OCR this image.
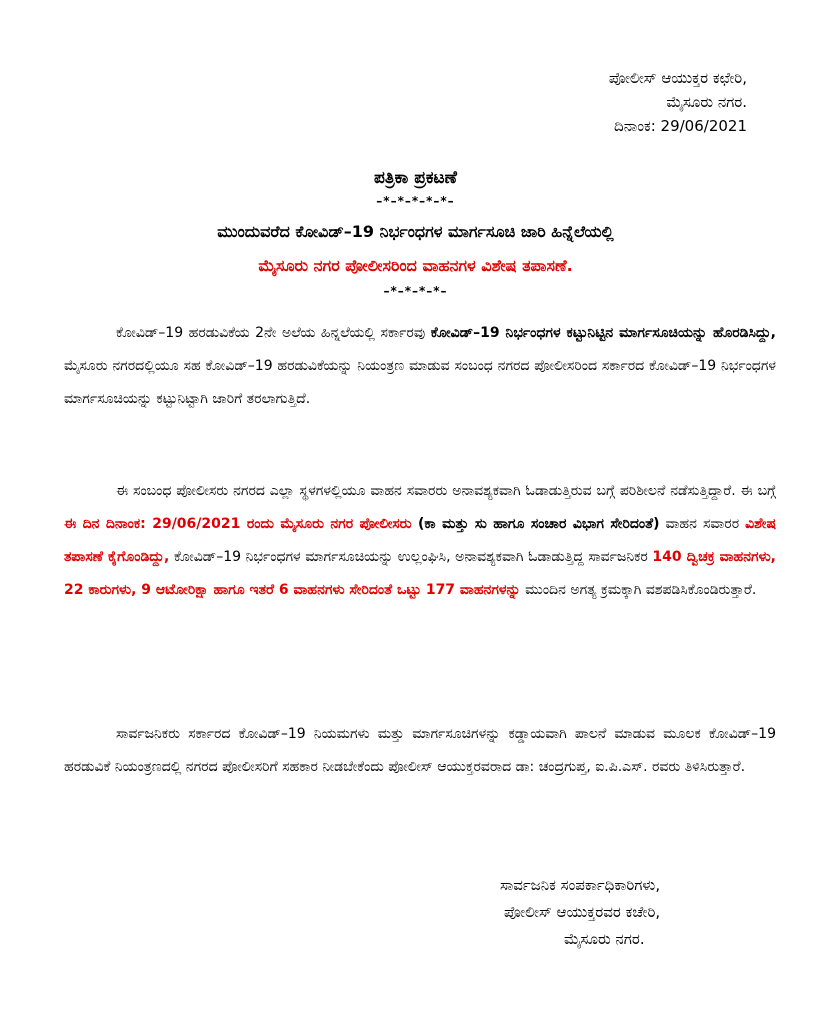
ಪೋಲೀಸ್ ಆಯುಕ್ತರ ಕಛೇರಿ,
ಮೈಸೂರು ನಗರ.
ದಿನಾಂಕ: 29/06/2021
ಪತ್ರಿಕಾ ಪ್ರಕಟಣೆ
–*–*–*–*–*–
ಮುಂದುವರೆದ ಕೋವಿಡ್–19 ನಿರ್ಭಂಧಗಳ ಮಾರ್ಗಸೂಚಿ ಜಾರಿ ಹಿನ್ನೆಲೆಯಲ್ಲಿ
ಮೈಸೂರು ನಗರ ಪೋಲೀಸರಿಂದ ವಾಹನಗಳ ವಿಶೇಷ ತಪಾಸಣೆ.
–*–*–*–*–
ಕೋವಿಡ್–19 ಹರಡುವಿಕೆಯ 2ನೇ ಅಲೆಯ ಹಿನ್ನಲೆಯಲ್ಲಿ ಸರ್ಕಾರವು ಕೋವಿಡ್–19 ನಿರ್ಭಂಧಗಳ ಕಟ್ಟುನಿಟ್ಟಿನ ಮಾರ್ಗಸೂಚಿಯನ್ನು ಹೊರಡಿಸಿದ್ದು, ಮೈಸೂರು ನಗರದಲ್ಲಿಯೂ ಸಹ ಕೋವಿಡ್–19 ಹರಡುವಿಕೆಯನ್ನು ನಿಯಂತ್ರಣ ಮಾಡುವ ಸಂಬಂಧ ನಗರದ ಪೋಲೀಸರಿಂದ ಸರ್ಕಾರದ ಕೋವಿಡ್–19 ನಿರ್ಭಂಧಗಳ ಮಾರ್ಗಸೂಚಿಯನ್ನು ಕಟ್ಟುನಿಟ್ಟಾಗಿ ಜಾರಿಗೆ ತರಲಾಗುತ್ತಿದೆ.
ಈ ಸಂಬಂಧ ಪೋಲೀಸರು ನಗರದ ಎಲ್ಲಾ ಸ್ಥಳಗಳಲ್ಲಿಯೂ ವಾಹನ ಸವಾರರು ಅನಾವಶ್ಯಕವಾಗಿ ಓಡಾಡುತ್ತಿರುವ ಬಗ್ಗೆ ಪರಿಶೀಲನೆ ನಡೆಸುತ್ತಿದ್ದಾರೆ. ಈ ಬಗ್ಗೆ ಈ ದಿನ ದಿನಾಂಕ: 29/06/2021 ರಂದು ಮೈಸೂರು ನಗರ ಪೋಲೀಸರು (ಕಾ ಮತ್ತು ಸು ಹಾಗೂ ಸಂಚಾರ ವಿಭಾಗ ಸೇರಿದಂತೆ) ವಾಹನ ಸವಾರರ ವಿಶೇಷ ತಪಾಸಣೆ ಕೈಗೊಂಡಿದ್ದು, ಕೋವಿಡ್–19 ನಿರ್ಭಂಧಗಳ ಮಾರ್ಗಸೂಚಿಯನ್ನು ಉಲ್ಲಂಘಿಸಿ, ಅನಾವಶ್ಯಕವಾಗಿ ಓಡಾಡುತ್ತಿದ್ದ ಸಾರ್ವಜನಿಕರ 140 ದ್ವಿಚಕ್ರ ವಾಹನಗಳು, 22 ಕಾರುಗಳು, 9 ಆಟೋರಿಕ್ಷಾ ಹಾಗೂ ಇತರೆ 6 ವಾಹನಗಳು ಸೇರಿದಂತೆ ಒಟ್ಟು 177 ವಾಹನಗಳನ್ನು ಮುಂದಿನ ಅಗತ್ಯ ಕ್ರಮಕ್ಕಾಗಿ ವಶಪಡಿಸಿಕೊಂಡಿರುತ್ತಾರೆ.
ಸಾರ್ವಜನಿಕರು ಸರ್ಕಾರದ ಕೋವಿಡ್–19 ನಿಯಮಗಳು ಮತ್ತು ಮಾರ್ಗಸೂಚಿಗಳನ್ನು ಕಡ್ಡಾಯವಾಗಿ ಪಾಲನೆ ಮಾಡುವ ಮೂಲಕ ಕೋವಿಡ್–19 ಹರಡುವಿಕೆ ನಿಯಂತ್ರಣದಲ್ಲಿ ನಗರದ ಪೋಲೀಸರಿಗೆ ಸಹಕಾರ ನೀಡಬೇಕೆಂದು ಪೋಲೀಸ್ ಆಯುಕ್ತರವರಾದ ಡಾ: ಚಂದ್ರಗುಪ್ತ, ಐ.ಪಿ.ಎಸ್. ರವರು ತಿಳಿಸಿರುತ್ತಾರೆ.
ಸಾರ್ವಜನಿಕ ಸಂಪರ್ಕಾಧಿಕಾರಿಗಳು,
ಪೋಲೀಸ್ ಆಯುಕ್ತರವರ ಕಚೇರಿ,
ಮೈಸೂರು ನಗರ.
